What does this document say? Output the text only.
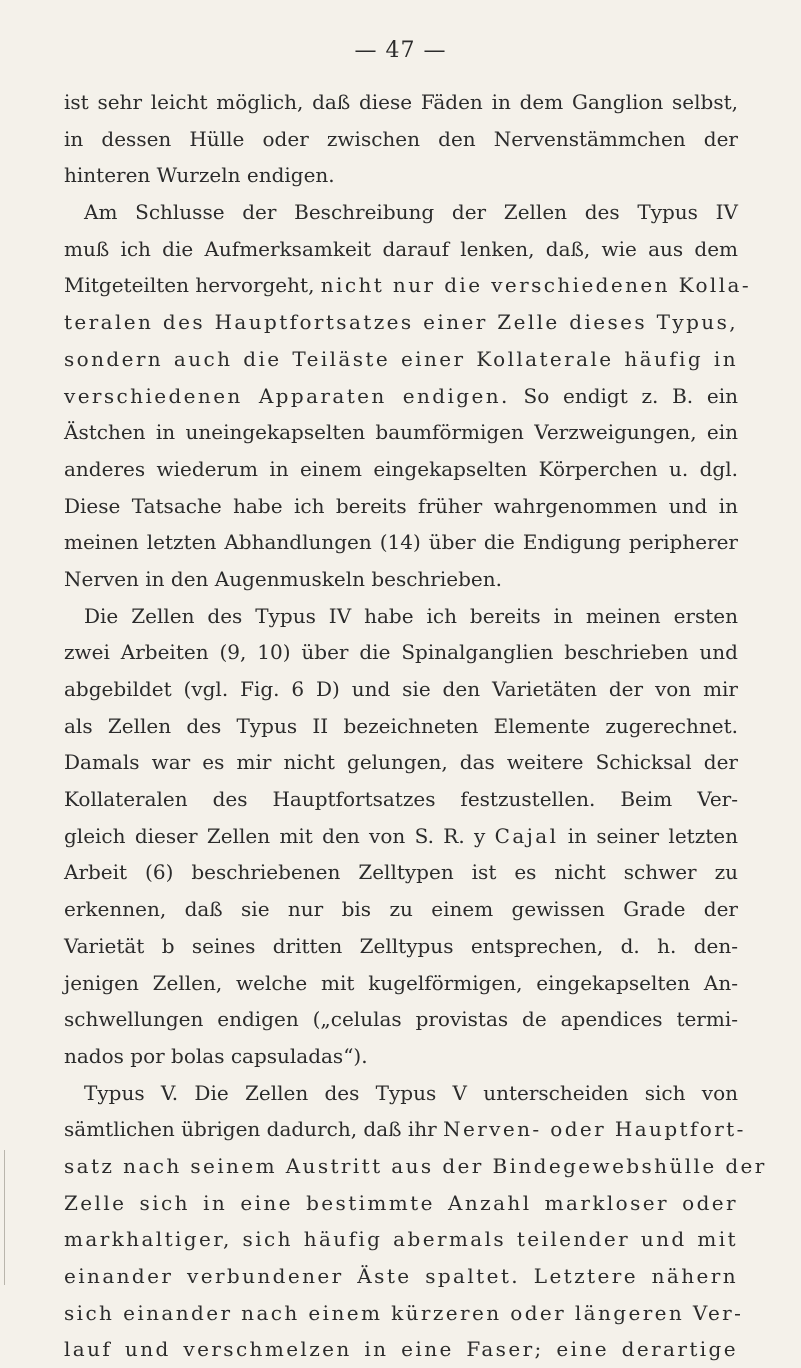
— 47 —
ist sehr leicht möglich, daß diese Fäden in dem Ganglion selbst,
in dessen Hülle oder zwischen den Nervenstämmchen der
hinteren Wurzeln endigen.
Am Schlusse der Beschreibung der Zellen des Typus IV
muß ich die Aufmerksamkeit darauf lenken, daß, wie aus dem
Mitgeteilten hervorgeht, nicht nur die verschiedenen Kolla-
teralen des Hauptfortsatzes einer Zelle dieses Typus,
sondern auch die Teiläste einer Kollaterale häufig in
verschiedenen Apparaten endigen. So endigt z. B. ein
Ästchen in uneingekapselten baumförmigen Verzweigungen, ein
anderes wiederum in einem eingekapselten Körperchen u. dgl.
Diese Tatsache habe ich bereits früher wahrgenommen und in
meinen letzten Abhandlungen (14) über die Endigung peripherer
Nerven in den Augenmuskeln beschrieben.
Die Zellen des Typus IV habe ich bereits in meinen ersten
zwei Arbeiten (9, 10) über die Spinalganglien beschrieben und
abgebildet (vgl. Fig. 6 D) und sie den Varietäten der von mir
als Zellen des Typus II bezeichneten Elemente zugerechnet.
Damals war es mir nicht gelungen, das weitere Schicksal der
Kollateralen des Hauptfortsatzes festzustellen. Beim Ver-
gleich dieser Zellen mit den von S. R. y Cajal in seiner letzten
Arbeit (6) beschriebenen Zelltypen ist es nicht schwer zu
erkennen, daß sie nur bis zu einem gewissen Grade der
Varietät b seines dritten Zelltypus entsprechen, d. h. den-
jenigen Zellen, welche mit kugelförmigen, eingekapselten An-
schwellungen endigen („celulas provistas de apendices termi-
nados por bolas capsuladas“).
Typus V. Die Zellen des Typus V unterscheiden sich von
sämtlichen übrigen dadurch, daß ihr Nerven- oder Hauptfort-
satz nach seinem Austritt aus der Bindegewebshülle der
Zelle sich in eine bestimmte Anzahl markloser oder
markhaltiger, sich häufig abermals teilender und mit
einander verbundener Äste spaltet. Letztere nähern
sich einander nach einem kürzeren oder längeren Ver-
lauf und verschmelzen in eine Faser; eine derartige
